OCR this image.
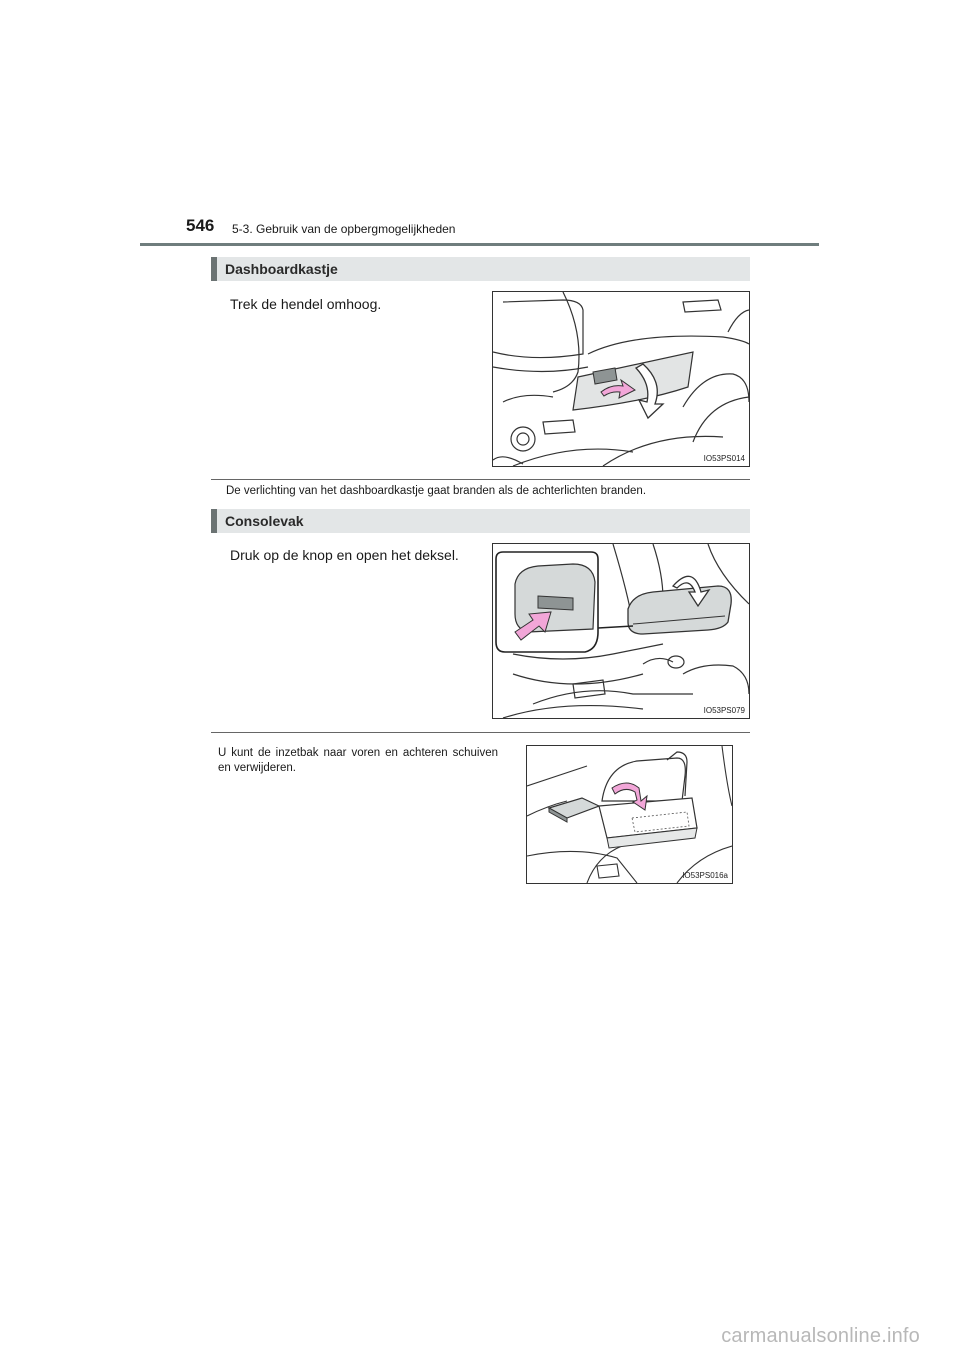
546 5-3. Gebruik van de opbergmogelijkheden
Dashboardkastje
Trek de hendel omhoog.
IO53PS014
De verlichting van het dashboardkastje gaat branden als de achterlichten branden.
Consolevak
Druk op de knop en open het deksel.
IO53PS079
U kunt de inzetbak naar voren en achteren schuiven en verwijderen.
IO53PS016a
carmanualsonline.info
